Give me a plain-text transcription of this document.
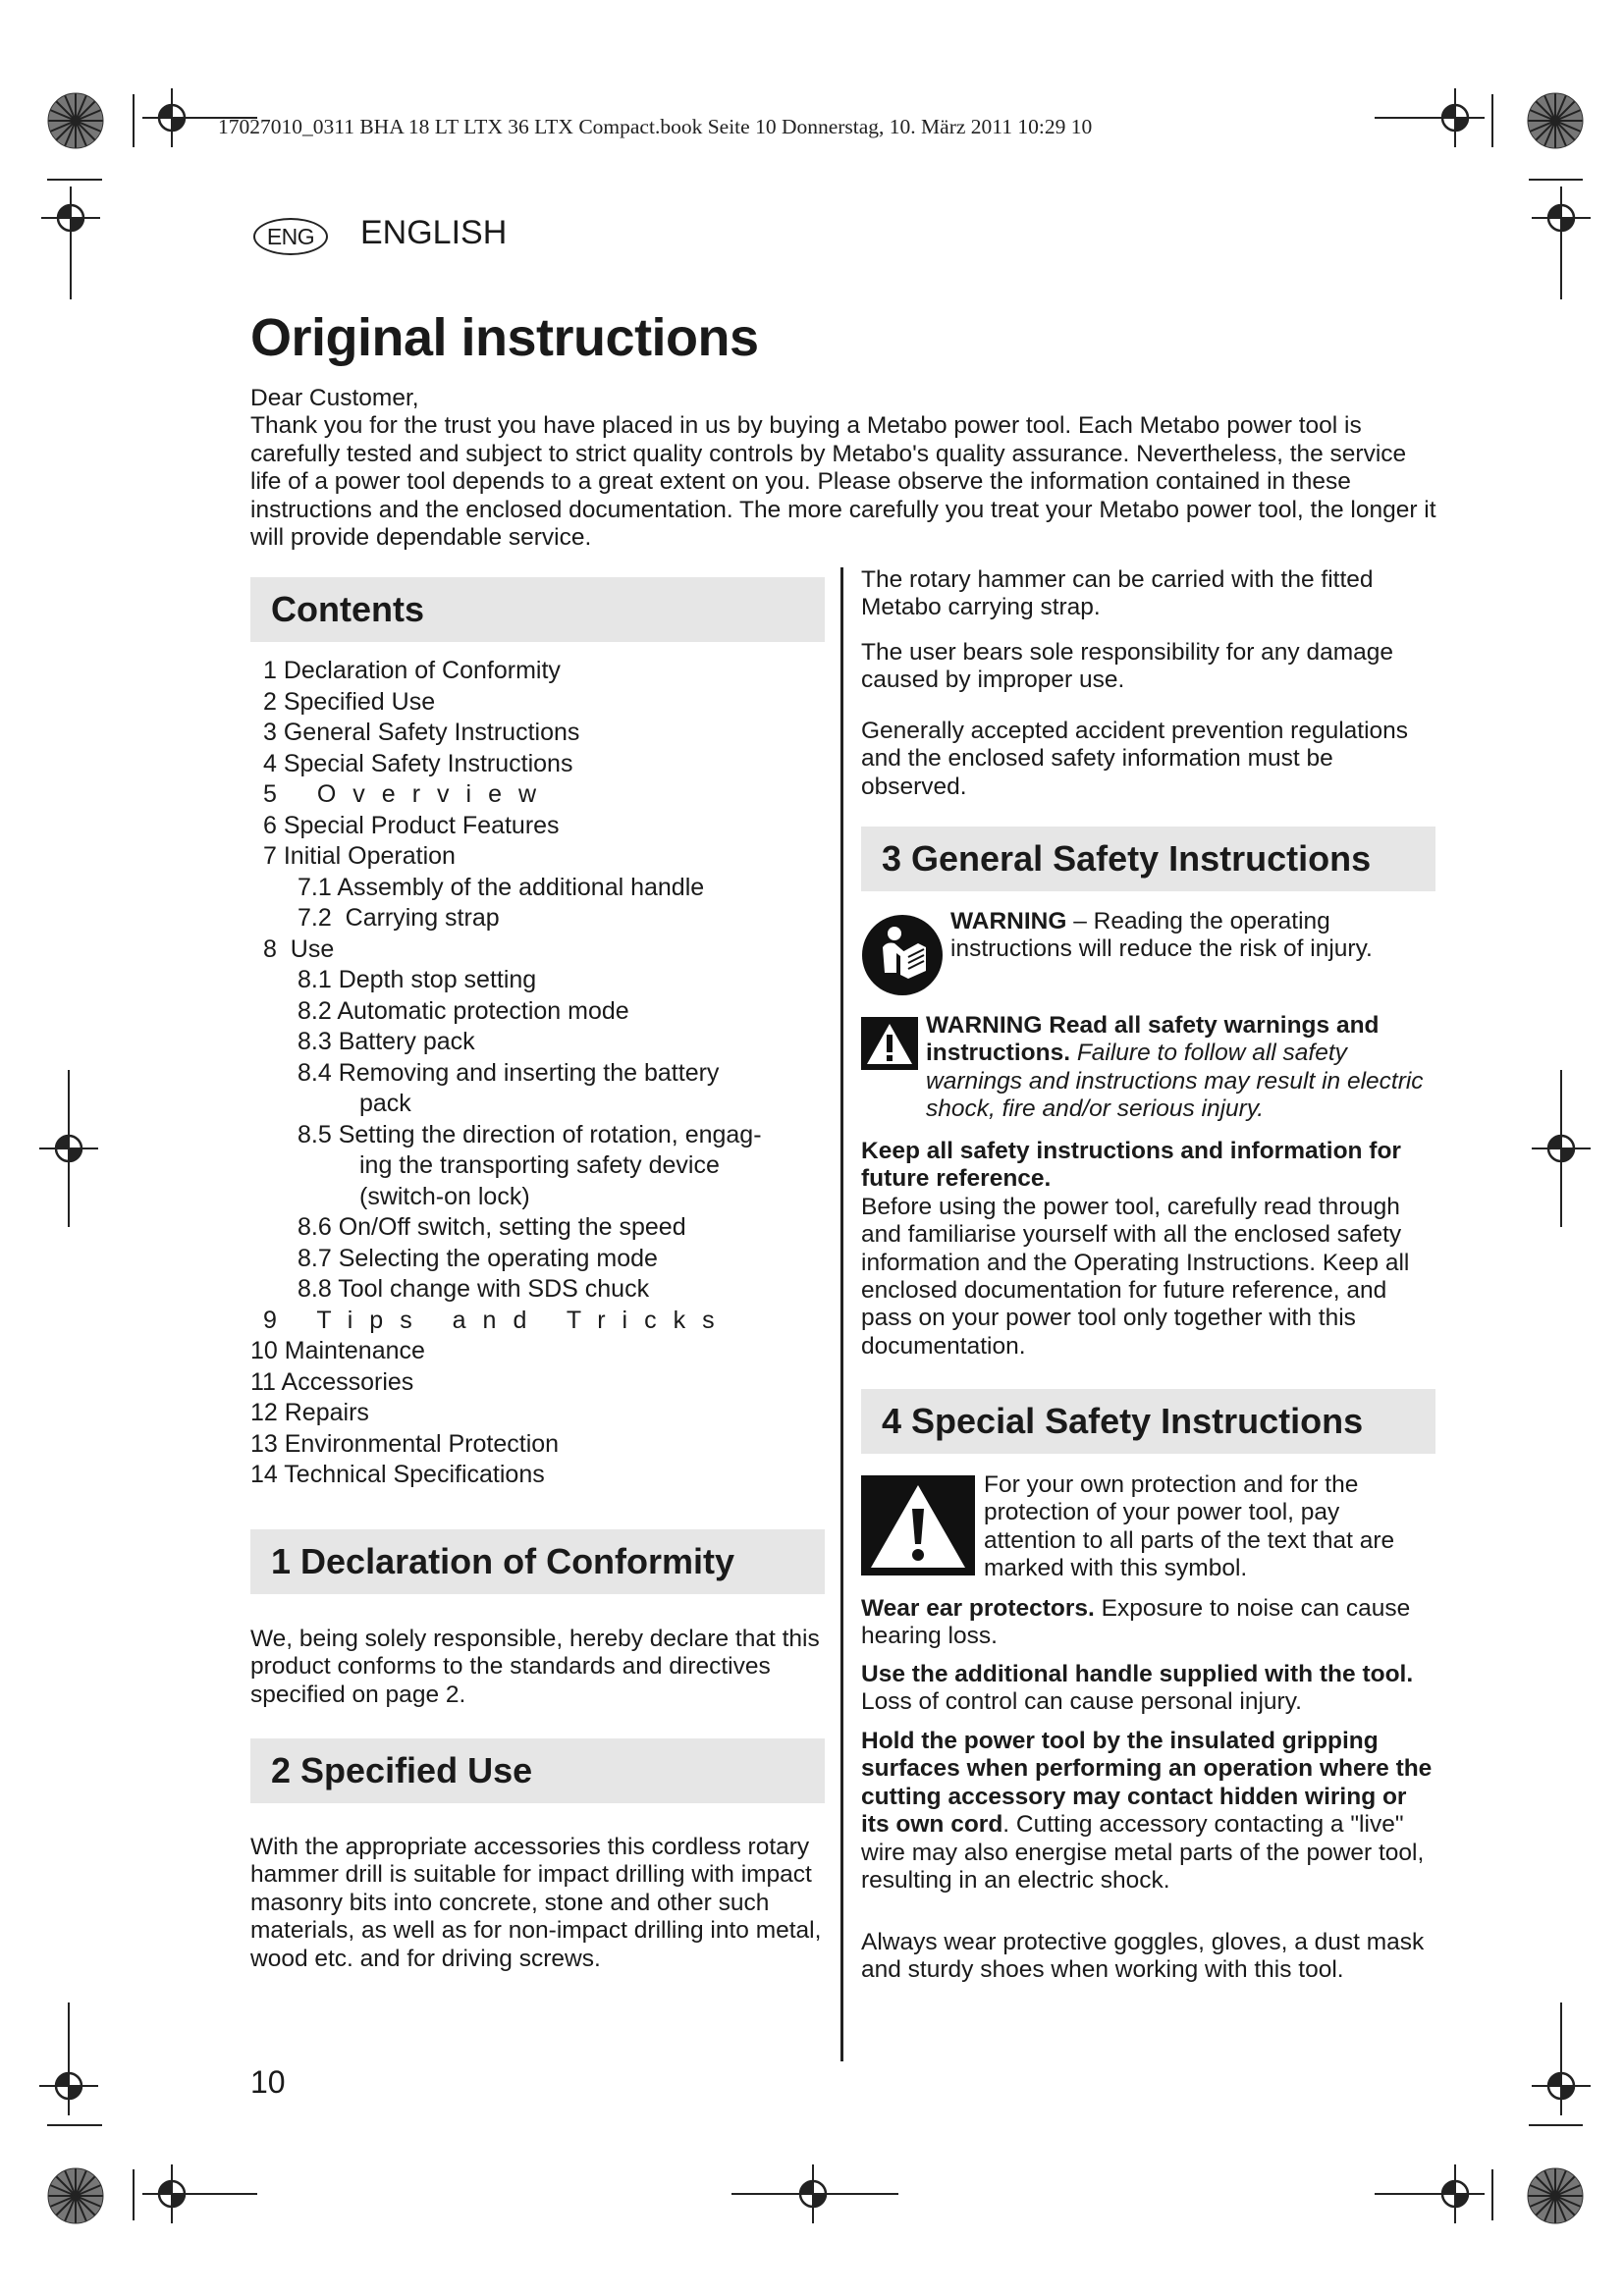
17027010_0311 BHA 18 LT LTX 36 LTX Compact.book Seite 10 Donnerstag, 10. März 2011 10:29 10
ENG	ENGLISH
Original instructions

Dear Customer,

Thank you for the trust you have placed in us by buying a Metabo power tool. Each Metabo power tool is carefully tested and subject to strict quality controls by Metabo's quality assurance. Nevertheless, the service life of a power tool depends to a great extent on you. Please observe the information contained in these instructions and the enclosed documentation. The more carefully you treat your Metabo power tool, the longer it will provide dependable service.

Contents
1 Declaration of Conformity
2 Specified Use
3 General Safety Instructions
4 Special Safety Instructions
5 Overview
6 Special Product Features
7 Initial Operation
7.1 Assembly of the additional handle
7.2  Carrying strap
8  Use
8.1 Depth stop setting
8.2 Automatic protection mode
8.3 Battery pack
8.4 Removing and inserting the battery
pack
8.5 Setting the direction of rotation, engag-
ing the transporting safety device
(switch-on lock)
8.6 On/Off switch, setting the speed
8.7 Selecting the operating mode
8.8 Tool change with SDS chuck
9 Tips and Tricks
10 Maintenance
11 Accessories
12 Repairs
13 Environmental Protection
14 Technical Specifications
1 Declaration of Conformity
We, being solely responsible, hereby declare that this product conforms to the standards and directives specified on page 2.
2 Specified Use
With the appropriate accessories this cordless rotary hammer drill is suitable for impact drilling with impact masonry bits into concrete, stone and other such materials, as well as for non-impact drilling into metal, wood etc. and for driving screws.
The rotary hammer can be carried with the fitted Metabo carrying strap.
The user bears sole responsibility for any damage caused by improper use.
Generally accepted accident prevention regulations and the enclosed safety information must be observed.
3 General Safety Instructions
WARNING – Reading the operating instructions will reduce the risk of injury.

WARNING Read all safety warnings and instructions. Failure to follow all safety warnings and instructions may result in electric shock, fire and/or serious injury.

Keep all safety instructions and information for future reference.

Before using the power tool, carefully read through and familiarise yourself with all the enclosed safety information and the Operating Instructions. Keep all enclosed documentation for future reference, and pass on your power tool only together with this documentation.

4 Special Safety Instructions
For your own protection and for the protection of your power tool, pay attention to all parts of the text that are marked with this symbol.
Wear ear protectors. Exposure to noise can cause hearing loss.
Use the additional handle supplied with the tool. Loss of control can cause personal injury.
Hold the power tool by the insulated gripping surfaces when performing an operation where the cutting accessory may contact hidden wiring or its own cord. Cutting accessory contacting a "live" wire may also energise metal parts of the power tool, resulting in an electric shock.
Always wear protective goggles, gloves, a dust mask and sturdy shoes when working with this tool.
10
